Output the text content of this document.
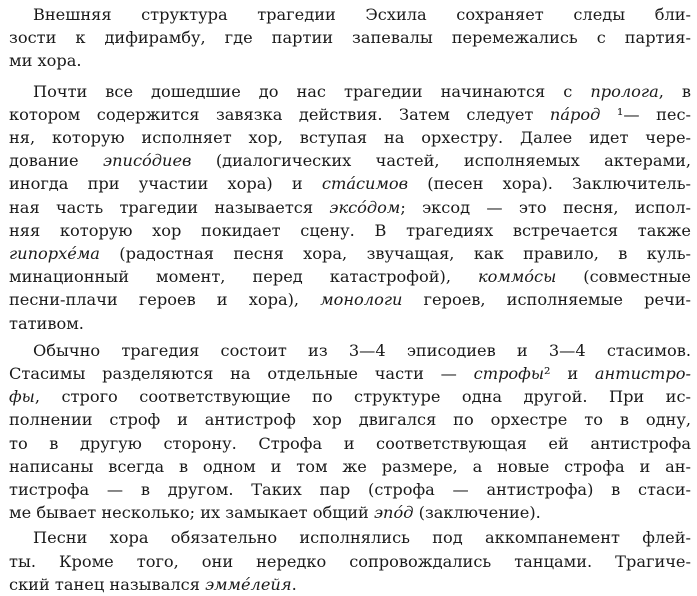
Внешняя структура трагедии Эсхила сохраняет следы бли-
зости к дифирамбу, где партии запевалы перемежались с партия-
ми хора.

Почти все дошедшие до нас трагедии начинаются с пролога, в
котором содержится завязка действия. Затем следует пápод ¹— пес-
ня, которую исполняет хор, вступая на орхестру. Далее идет чере-
дование эписóдиев (диалогических частей, исполняемых актерами,
иногда при участии хора) и стáсимов (песен хора). Заключитель-
ная часть трагедии называется эксóдом; эксод — это песня, испол-
няя которую хор покидает сцену. В трагедиях встречается также
гипорхéма (радостная песня хора, звучащая, как правило, в куль-
минационный момент, перед катастрофой), коммóсы (совместные
песни-плачи героев и хора), монологи героев, исполняемые речи-
тативом.

Обычно трагедия состоит из 3—4 эписодиев и 3—4 стасимов.
Стасимы разделяются на отдельные части — строфы² и антистро-
фы, строго соответствующие по структуре одна другой. При ис-
полнении строф и антистроф хор двигался по орхестре то в одну,
то в другую сторону. Строфа и соответствующая ей антистрофа
написаны всегда в одном и том же размере, а новые строфа и ан-
тистрофа — в другом. Таких пар (строфа — антистрофа) в стаси-
ме бывает несколько; их замыкает общий эпóд (заключение).

Песни хора обязательно исполнялись под аккомпанемент флей-
ты. Кроме того, они нередко сопровождались танцами. Трагиче-
ский танец назывался эммéлейя.
